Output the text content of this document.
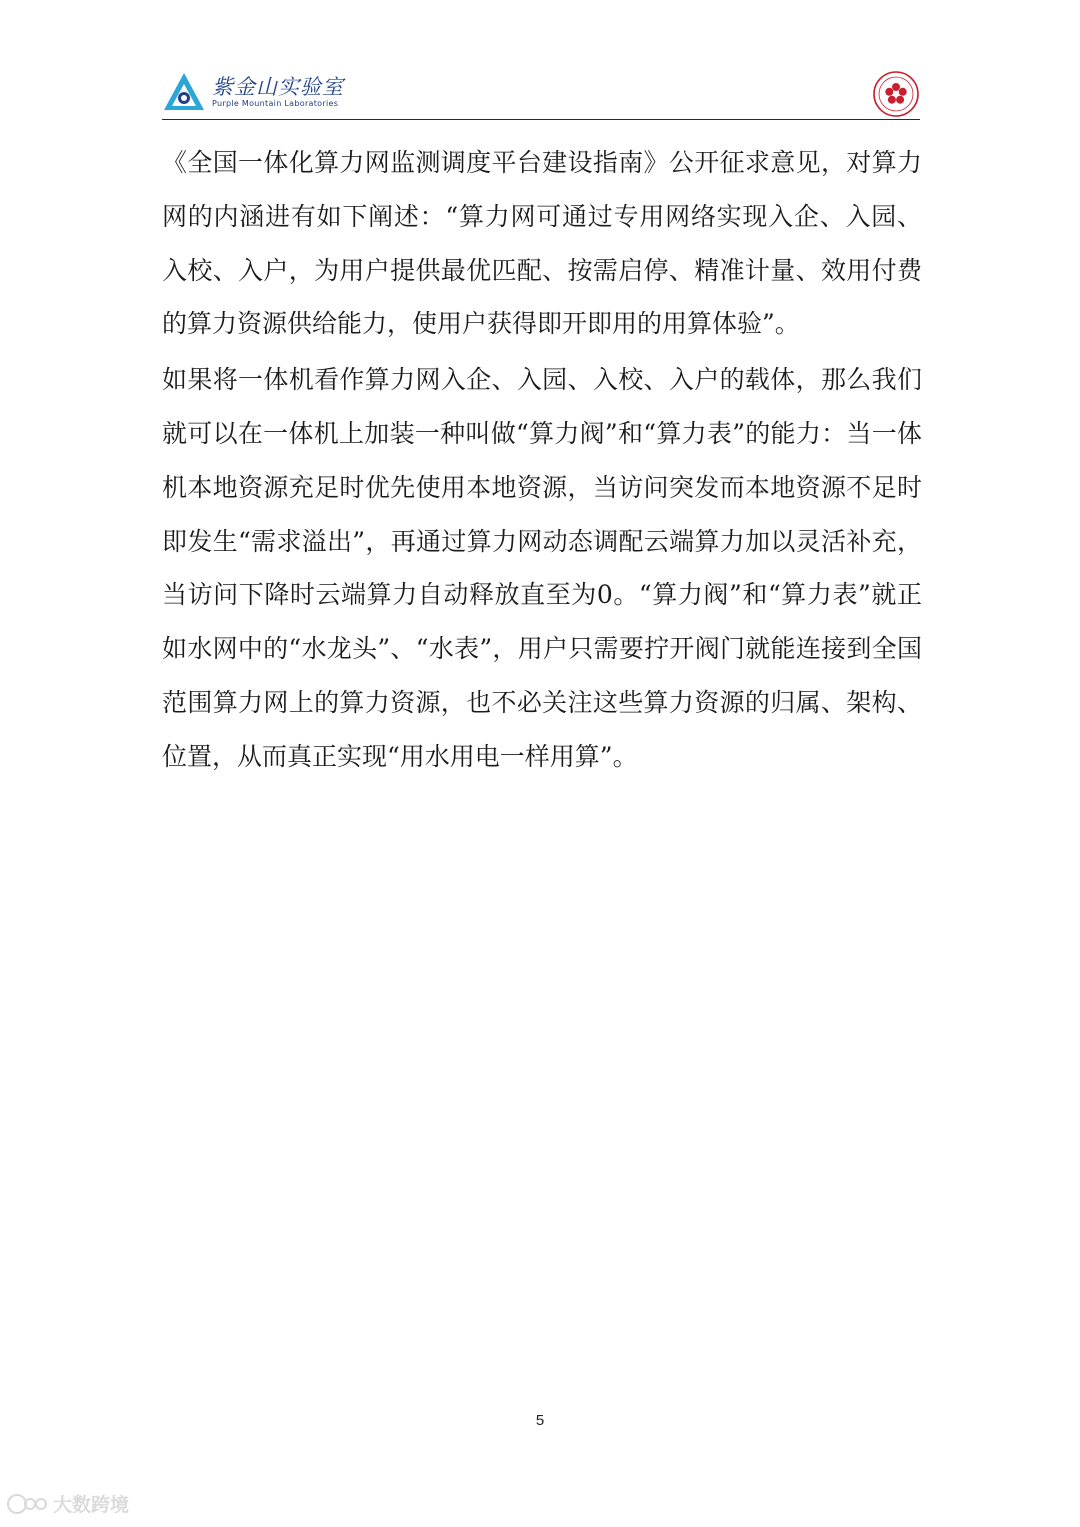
紫金山实验室
Purple Mountain Laboratories

《全国一体化算力网监测调度平台建设指南》公开征求意见，对算力网的内涵进有如下阐述：“算力网可通过专用网络实现入企、入园、入校、入户，为用户提供最优匹配、按需启停、精准计量、效用付费的算力资源供给能力，使用户获得即开即用的用算体验”。

如果将一体机看作算力网入企、入园、入校、入户的载体，那么我们就可以在一体机上加装一种叫做“算力阀”和“算力表”的能力：当一体机本地资源充足时优先使用本地资源，当访问突发而本地资源不足时即发生“需求溢出”，再通过算力网动态调配云端算力加以灵活补充，当访问下降时云端算力自动释放直至为0。“算力阀”和“算力表”就正如水网中的“水龙头”、“水表”，用户只需要拧开阀门就能连接到全国范围算力网上的算力资源，也不必关注这些算力资源的归属、架构、位置，从而真正实现“用水用电一样用算”。

5
大数跨境
